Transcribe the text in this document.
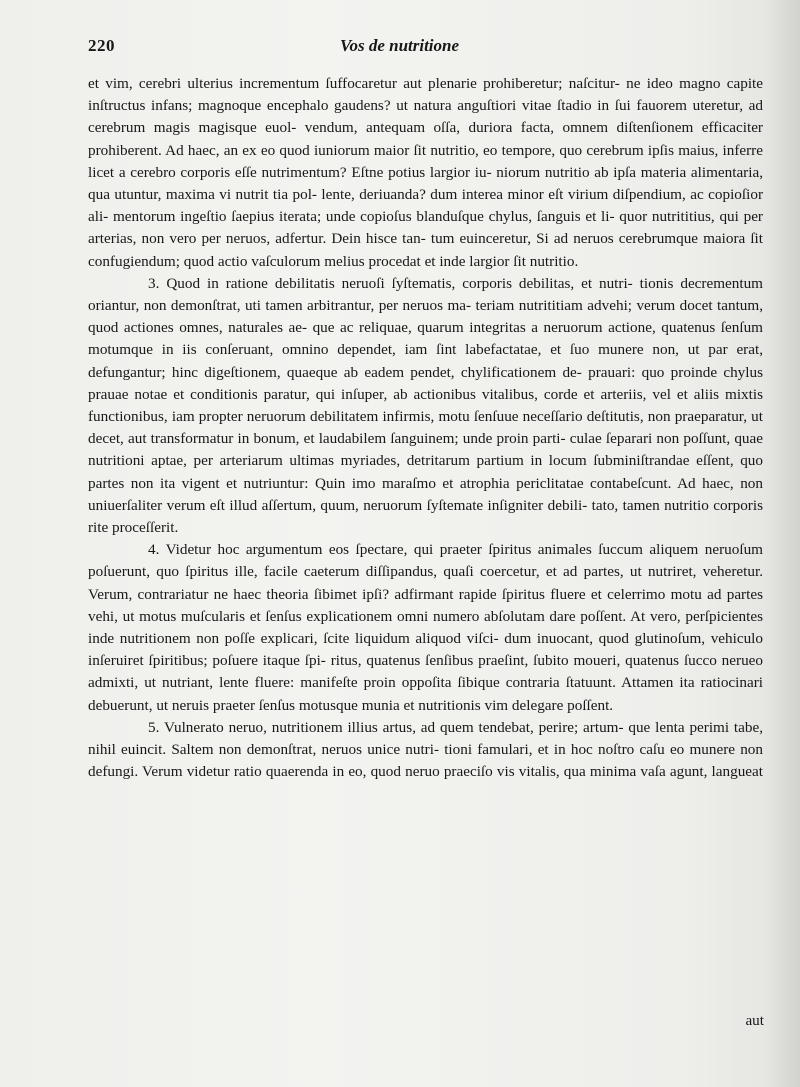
220	Vos de nutritione

et vim, cerebri ulterius incrementum ſuffocaretur aut plenarie prohiberetur; naſcitur- ne ideo magno capite inſtructus infans; magnoque encephalo gaudens? ut natura anguſtiori vitae ſtadio in ſui fauorem uteretur, ad cerebrum magis magisque euol- vendum, antequam oſſa, duriora facta, omnem diſtenſionem efficaciter prohiberent. Ad haec, an ex eo quod iuniorum maior ſit nutritio, eo tempore, quo cerebrum ipſis maius, inferre licet a cerebro corporis eſſe nutrimentum? Eſtne potius largior iu- niorum nutritio ab ipſa materia alimentaria, qua utuntur, maxima vi nutrit tia pol- lente, deriuanda? dum interea minor eſt virium diſpendium, ac copioſior ali- mentorum ingeſtio ſaepius iterata; unde copioſus blanduſque chylus, ſanguis et li- quor nutrititius, qui per arterias, non vero per neruos, adfertur. Dein hisce tan- tum euinceretur, Si ad neruos cerebrumque maiora ſit confugiendum; quod actio vaſculorum melius procedat et inde largior ſit nutritio.

3. Quod in ratione debilitatis neruoſi ſyſtematis, corporis debilitas, et nutri- tionis decrementum oriantur, non demonſtrat, uti tamen arbitrantur, per neruos ma- teriam nutrititiam advehi; verum docet tantum, quod actiones omnes, naturales ae- que ac reliquae, quarum integritas a neruorum actione, quatenus ſenſum motumque in iis conſeruant, omnino dependet, iam ſint labefactatae, et ſuo munere non, ut par erat, defungantur; hinc digeſtionem, quaeque ab eadem pendet, chylificationem de- prauari: quo proinde chylus prauae notae et conditionis paratur, qui inſuper, ab actionibus vitalibus, corde et arteriis, vel et aliis mixtis functionibus, iam propter neruorum debilitatem infirmis, motu ſenſuue neceſſario deſtitutis, non praeparatur, ut decet, aut transformatur in bonum, et laudabilem ſanguinem; unde proin parti- culae ſeparari non poſſunt, quae nutritioni aptae, per arteriarum ultimas myriades, detritarum partium in locum ſubminiſtrandae eſſent, quo partes non ita vigent et nutriuntur: Quin imo maraſmo et atrophia periclitatae contabeſcunt. Ad haec, non uniuerſaliter verum eſt illud aſſertum, quum, neruorum ſyſtemate inſigniter debili- tato, tamen nutritio corporis rite proceſſerit.

4. Videtur hoc argumentum eos ſpectare, qui praeter ſpiritus animales ſuccum aliquem neruoſum poſuerunt, quo ſpiritus ille, facile caeterum diſſipandus, quaſi coercetur, et ad partes, ut nutriret, veheretur. Verum, contrariatur ne haec theoria ſibimet ipſi? adfirmant rapide ſpiritus fluere et celerrimo motu ad partes vehi, ut motus muſcularis et ſenſus explicationem omni numero abſolutam dare poſſent. At vero, perſpicientes inde nutritionem non poſſe explicari, ſcite liquidum aliquod viſci- dum inuocant, quod glutinoſum, vehiculo inſeruiret ſpiritibus; poſuere itaque ſpi- ritus, quatenus ſenſibus praeſint, ſubito moueri, quatenus ſucco nerueo admixti, ut nutriant, lente fluere: manifeſte proin oppoſita ſibique contraria ſtatuunt. Attamen ita ratiocinari debuerunt, ut neruis praeter ſenſus motusque munia et nutritionis vim delegare poſſent.

5. Vulnerato neruo, nutritionem illius artus, ad quem tendebat, perire; artum- que lenta perimi tabe, nihil euincit. Saltem non demonſtrat, neruos unice nutri- tioni famulari, et in hoc noſtro caſu eo munere non defungi. Verum videtur ratio quaerenda in eo, quod neruo praeciſo vis vitalis, qua minima vaſa agunt, langueat

aut
